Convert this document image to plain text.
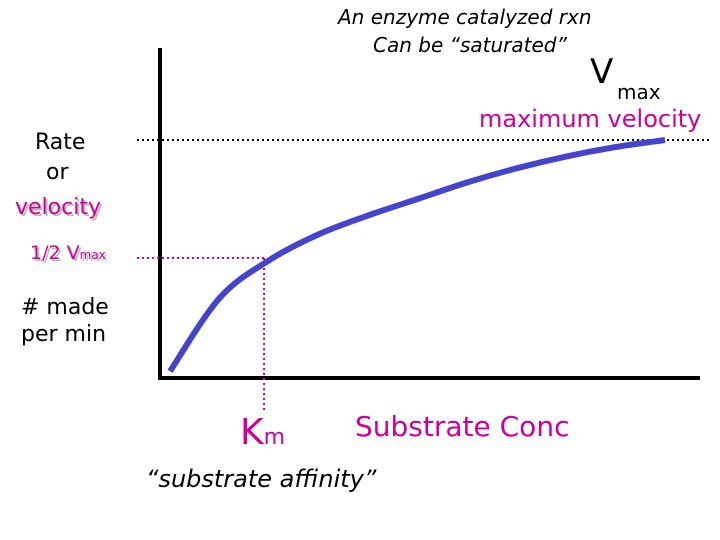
An enzyme catalyzed rxn
Can be “saturated”
V max
maximum velocity
Rate
or
velocity
1/2 Vmax
# made
per min
Km Substrate Conc
“substrate affinity”
